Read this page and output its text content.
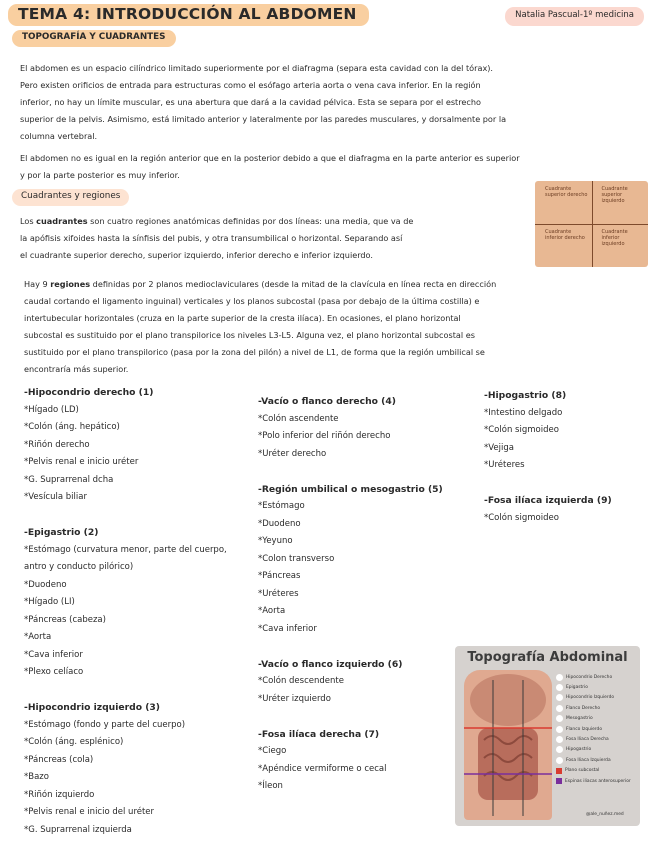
TEMA 4: INTRODUCCIÓN AL ABDOMEN	Natalia Pascual-1º medicina
TOPOGRAFÍA Y CUADRANTES
El abdomen es un espacio cilíndrico limitado superiormente por el diafragma (separa esta cavidad con la del tórax).
Pero existen orificios de entrada para estructuras como el esófago arteria aorta o vena cava inferior. En la región
inferior, no hay un límite muscular, es una abertura que dará a la cavidad pélvica. Esta se separa por el estrecho
superior de la pelvis. Asimismo, está limitado anterior y lateralmente por las paredes musculares, y dorsalmente por la
columna vertebral.
El abdomen no es igual en la región anterior que en la posterior debido a que el diafragma en la parte anterior es superior
y por la parte posterior es muy inferior.
Cuadrantes y regiones
Los cuadrantes son cuatro regiones anatómicas definidas por dos líneas: una media, que va de
la apófisis xifoides hasta la sínfisis del pubis, y otra transumbilical o horizontal. Separando así
el cuadrante superior derecho, superior izquierdo, inferior derecho e inferior izquierdo.
Cuadrante superior derecho
Cuadrante superior izquierdo
Cuadrante inferior derecho
Cuadrante inferior izquierdo
Hay 9 regiones definidas por 2 planos medioclaviculares (desde la mitad de la clavícula en línea recta en dirección
caudal cortando el ligamento inguinal) verticales y los planos subcostal (pasa por debajo de la última costilla) e
intertubecular horizontales (cruza en la parte superior de la cresta ilíaca). En ocasiones, el plano horizontal
subcostal es sustituido por el plano transpilorice los niveles L3-L5. Alguna vez, el plano horizontal subcostal es
sustituido por el plano transpilorico (pasa por la zona del pilón) a nivel de L1, de forma que la región umbilical se
encontraría más superior.
-Hipocondrio derecho (1)
*Hígado (LD)
*Colón (áng. hepático)
*Riñón derecho
*Pelvis renal e inicio uréter
*G. Suprarrenal dcha
*Vesícula biliar
-Epigastrio (2)
*Estómago (curvatura menor, parte del cuerpo, antro y conducto pilórico)
*Duodeno
*Hígado (LI)
*Páncreas (cabeza)
*Aorta
*Cava inferior
*Plexo celíaco
-Hipocondrio izquierdo (3)
*Estómago (fondo y parte del cuerpo)
*Colón (áng. esplénico)
*Páncreas (cola)
*Bazo
*Riñón izquierdo
*Pelvis renal e inicio del uréter
*G. Suprarrenal izquierda
-Vacío o flanco derecho (4)
*Colón ascendente
*Polo inferior del riñón derecho
*Uréter derecho
-Región umbilical o mesogastrio (5)
*Estómago
*Duodeno
*Yeyuno
*Colon transverso
*Páncreas
*Uréteres
*Aorta
*Cava inferior
-Vacío o flanco izquierdo (6)
*Colón descendente
*Uréter izquierdo
-Fosa ilíaca derecha (7)
*Ciego
*Apéndice vermiforme o cecal
*Íleon
-Hipogastrio (8)
*Intestino delgado
*Colón sigmoideo
*Vejiga
*Uréteres
-Fosa ilíaca izquierda (9)
*Colón sigmoideo
Topografía Abdominal
Hipocondrio Derecho
Epigastrio
Hipocondrio Izquierdo
Flanco Derecho
Mesogastrio
Flanco Izquierdo
Fosa Iliaca Derecha
Hipogastrio
Fosa Iliaca Izquierda
Plano subcostal
Espinas iliacas anterosuperior
@ale_nuñez.med
